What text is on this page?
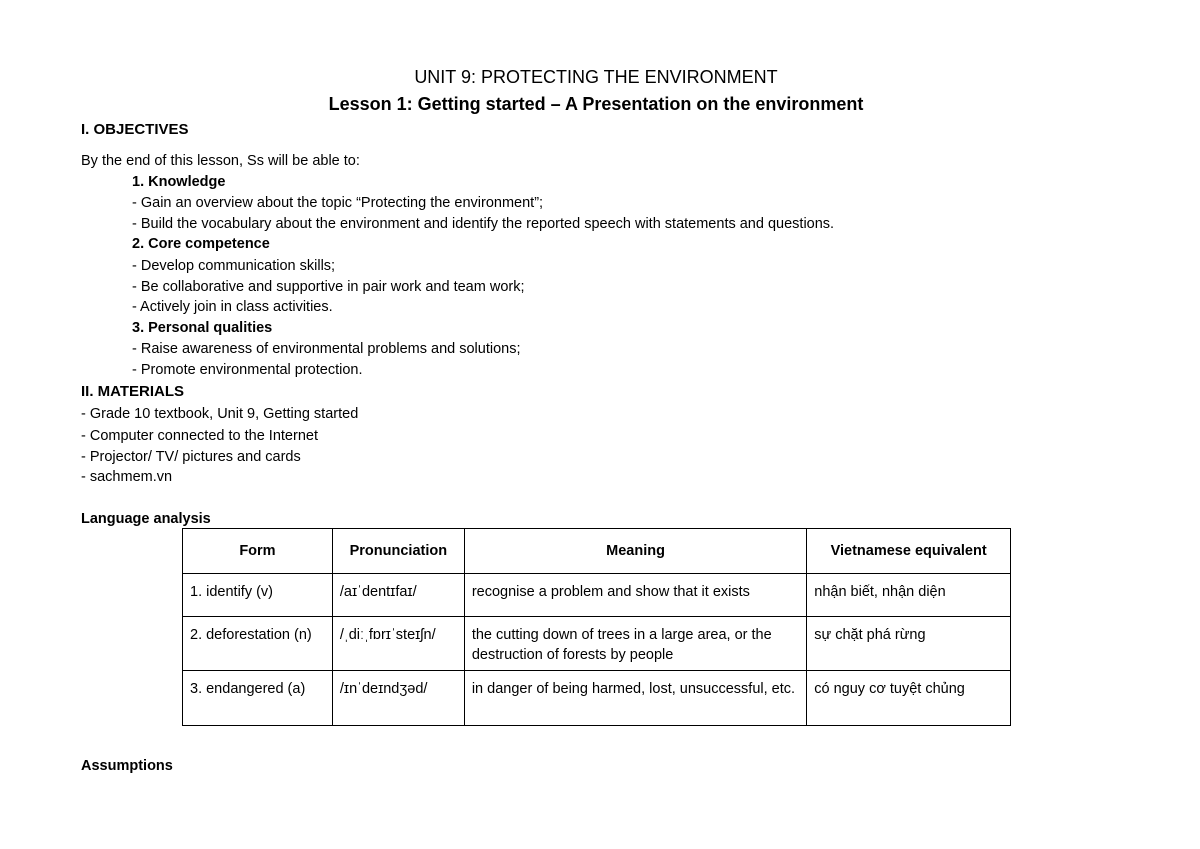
UNIT 9: PROTECTING THE ENVIRONMENT
Lesson 1: Getting started – A Presentation on the environment
I. OBJECTIVES
By the end of this lesson, Ss will be able to:
1. Knowledge
- Gain an overview about the topic “Protecting the environment”;
- Build the vocabulary about the environment and identify the reported speech with statements and questions.
2. Core competence
- Develop communication skills;
- Be collaborative and supportive in pair work and team work;
- Actively join in class activities.
3. Personal qualities
- Raise awareness of environmental problems and solutions;
- Promote environmental protection.
II. MATERIALS
- Grade 10 textbook, Unit 9, Getting started
- Computer connected to the Internet
- Projector/ TV/ pictures and cards
- sachmem.vn
Language analysis
Form	Pronunciation	Meaning	Vietnamese equivalent
1. identify (v)	/aɪˈdentɪfaɪ/	recognise a problem and show that it exists	nhận biết, nhận diện
2. deforestation (n)	/ˌdiːˌfɒrɪˈsteɪʃn/	the cutting down of trees in a large area, or the destruction of forests by people	sự chặt phá rừng
3. endangered (a)	/ɪnˈdeɪndʒəd/	in danger of being harmed, lost, unsuccessful, etc.	có nguy cơ tuyệt chủng
Assumptions
